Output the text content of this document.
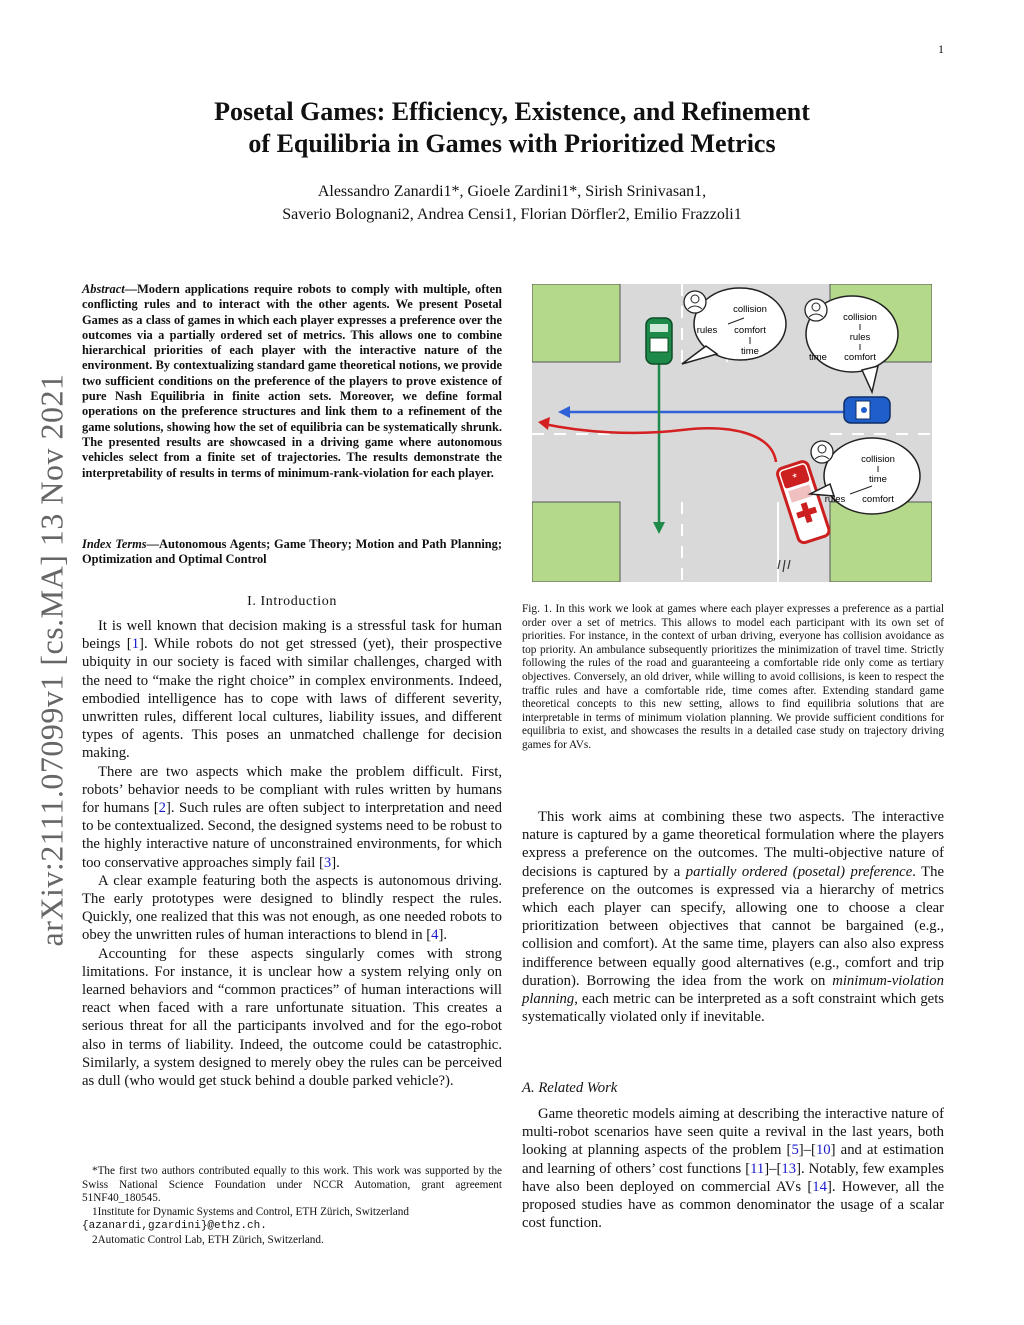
1
arXiv:2111.07099v1 [cs.MA] 13 Nov 2021
Posetal Games: Efficiency, Existence, and Refinement
of Equilibria in Games with Prioritized Metrics
Alessandro Zanardi1*, Gioele Zardini1*, Sirish Srinivasan1,
Saverio Bolognani2, Andrea Censi1, Florian Dörfler2, Emilio Frazzoli1
Abstract—Modern applications require robots to comply with multiple, often conflicting rules and to interact with the other agents. We present Posetal Games as a class of games in which each player expresses a preference over the outcomes via a partially ordered set of metrics. This allows one to combine hierarchical priorities of each player with the interactive nature of the environment. By contextualizing standard game theoretical notions, we provide two sufficient conditions on the preference of the players to prove existence of pure Nash Equilibria in finite action sets. Moreover, we define formal operations on the preference structures and link them to a refinement of the game solutions, showing how the set of equilibria can be systematically shrunk. The presented results are showcased in a driving game where autonomous vehicles select from a finite set of trajectories. The results demonstrate the interpretability of results in terms of minimum-rank-violation for each player.
Index Terms—Autonomous Agents; Game Theory; Motion and Path Planning; Optimization and Optimal Control
I. Introduction

It is well known that decision making is a stressful task for human beings [1]. While robots do not get stressed (yet), their prospective ubiquity in our society is faced with similar challenges, charged with the need to “make the right choice” in complex environments. Indeed, embodied intelligence has to cope with laws of different severity, unwritten rules, different local cultures, liability issues, and different types of agents. This poses an unmatched challenge for decision making.

There are two aspects which make the problem difficult. First, robots’ behavior needs to be compliant with rules written by humans for humans [2]. Such rules are often subject to interpretation and need to be contextualized. Second, the designed systems need to be robust to the highly interactive nature of unconstrained environments, for which too conservative approaches simply fail [3].

A clear example featuring both the aspects is autonomous driving. The early prototypes were designed to blindly respect the rules. Quickly, one realized that this was not enough, as one needed robots to obey the unwritten rules of human interactions to blend in [4].

Accounting for these aspects singularly comes with strong limitations. For instance, it is unclear how a system relying only on learned behaviors and “common practices” of human interactions will react when faced with a rare unfortunate situation. This creates a serious threat for all the participants involved and for the ego-robot also in terms of liability. Indeed, the outcome could be catastrophic. Similarly, a system designed to merely obey the rules can be perceived as dull (who would get stuck behind a double parked vehicle?).

*The first two authors contributed equally to this work. This work was supported by the Swiss National Science Foundation under NCCR Automation, grant agreement 51NF40_180545.

1Institute for Dynamic Systems and Control, ETH Zürich, Switzerland
{azanardi,gzardini}@ethz.ch.

2Automatic Control Lab, ETH Zürich, Switzerland.

*
collision
rules comfort
time
collision
rules
time comfort
collision
time
rules comfort
Fig. 1. In this work we look at games where each player expresses a preference as a partial order over a set of metrics. This allows to model each participant with its own set of priorities. For instance, in the context of urban driving, everyone has collision avoidance as top priority. An ambulance subsequently prioritizes the minimization of travel time. Strictly following the rules of the road and guaranteeing a comfortable ride only come as tertiary objectives. Conversely, an old driver, while willing to avoid collisions, is keen to respect the traffic rules and have a comfortable ride, time comes after. Extending standard game theoretical concepts to this new setting, allows to find equilibria solutions that are interpretable in terms of minimum violation planning. We provide sufficient conditions for equilibria to exist, and showcases the results in a detailed case study on trajectory driving games for AVs.

This work aims at combining these two aspects. The interactive nature is captured by a game theoretical formulation where the players express a preference on the outcomes. The multi-objective nature of decisions is captured by a partially ordered (posetal) preference. The preference on the outcomes is expressed via a hierarchy of metrics which each player can specify, allowing one to choose a clear prioritization between objectives that cannot be bargained (e.g., collision and comfort). At the same time, players can also also express indifference between equally good alternatives (e.g., comfort and trip duration). Borrowing the idea from the work on minimum-violation planning, each metric can be interpreted as a soft constraint which gets systematically violated only if inevitable.

A. Related Work

Game theoretic models aiming at describing the interactive nature of multi-robot scenarios have seen quite a revival in the last years, both looking at planning aspects of the problem [5]–[10] and at estimation and learning of others’ cost functions [11]–[13]. Notably, few examples have also been deployed on commercial AVs [14]. However, all the proposed studies have as common denominator the usage of a scalar cost function.
